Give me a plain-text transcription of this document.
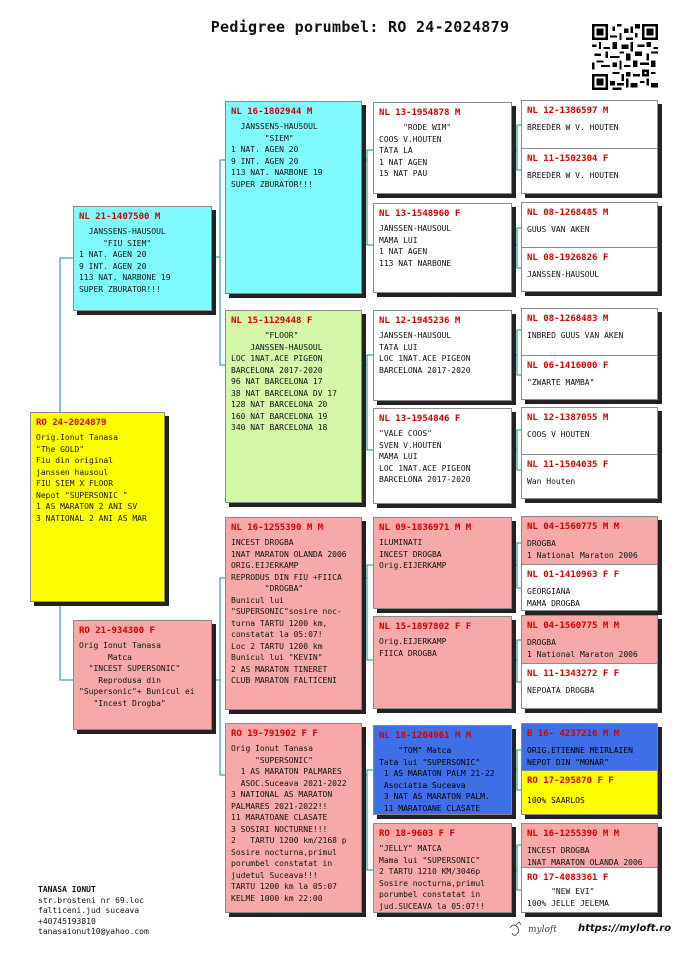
Pedigree porumbel: RO 24-2024879
RO 24-2024879
Orig.Ionut Tanasa
"The GOLD"
Fiu din original
janssen hausoul
FIU SIEM X FLOOR
Nepot "SUPERSONIC "
1 AS MARATON 2 ANI SV
3 NATIONAL 2 ANI AS MAR
NL 21-1407500 M
JANSSENS-HAUSOUL
"FIU SIEM"
1 NAT. AGEN 20
9 INT. AGEN 20
113 NAT. NARBONE 19
SUPER ZBURATOR!!!
RO 21-934300 F
Orig Ionut Tanasa
Matca
"INCEST SUPERSONIC"
Reprodusa din
"Supersonic"+ Bunicul ei
"Incest Drogba"
NL 16-1802944 M
JANSSENS-HAUSOUL
"SIEM"
1 NAT. AGEN 20
9 INT. AGEN 20
113 NAT. NARBONE 19
SUPER ZBURATOR!!!
NL 15-1129448 F
"FLOOR"
JANSSEN-HAUSOUL
LOC 1NAT.ACE PIGEON
BARCELONA 2017-2020
96 NAT BARCELONA 17
38 NAT BARCELONA DV 17
128 NAT BARCELONA 20
160 NAT BARCELONA 19
340 NAT BARCELONA 18
NL 16-1255390 M M
INCEST DROGBA
1NAT MARATON OLANDA 2006
ORIG.EIJERKAMP
REPRODUS DIN FIU +FIICA
"DROGBA"
Bunicul lui
"SUPERSONIC"sosire noc-
turna TARTU 1200 km,
constatat la 05:07!
Loc 2 TARTU 1200 km
Bunicul lui "KEVIN"
2 AS MARATON TINERET
CLUB MARATON FALTICENI
RO 19-791902 F F
Orig Ionut Tanasa
"SUPERSONIC"
1 AS MARATON PALMARES
ASOC.Suceava 2021-2022
3 NATIONAL AS MARATON
PALMARES 2021-2022!!
11 MARATOANE CLASATE
3 SOSIRI NOCTURNE!!!
2   TARTU 1200 km/2168 p
Sosire nocturna,primul
porumbel constatat in
judetul Suceava!!!
TARTU 1200 km la 05:07
KELME 1000 km 22:00
NL 13-1954878 M
"RODE WIM"
COOS V.HOUTEN
TATA LA
1 NAT AGEN
15 NAT PAU
NL 13-1548960 F
JANSSEN-HAUSOUL
MAMA LUI
1 NAT AGEN
113 NAT NARBONE
NL 12-1945236 M
JANSSEN-HAUSOUL
TATA LUI
LOC 1NAT.ACE PIGEON
BARCELONA 2017-2020
NL 13-1954846 F
"VALE COOS"
SVEN V.HOUTEN
MAMA LUI
LOC 1NAT.ACE PIGEON
BARCELONA 2017-2020
NL 09-1836971 M M
ILUMINATI
INCEST DROGBA
Orig.EIJERKAMP
NL 15-1897802 F F
Orig.EIJERKAMP
FIICA DROGBA
NL 18-1204961 M M
"TOM" Matca
Tata lui "SUPERSONIC"
1 AS MARATON PALM 21-22
Asociatia Suceava
3 NAT AS MARATON PALM.
11 MARATOANE CLASATE
RO 18-9603 F F
"JELLY" MATCA
Mama lui "SUPERSONIC"
2 TARTU 1210 KM/3046p
Sosire nocturna,primul
porumbel constatat in
jud.SUCEAVA la 05:07!!
NL 12-1386597 M
BREEDER W V. HOUTEN
NL 11-1502304 F
BREEDER W V. HOUTEN
NL 08-1268485 M
GUUS VAN AKEN
NL 08-1926826 F
JANSSEN-HAUSOUL
NL 08-1268483 M
INBRED GUUS VAN AKEN
NL 06-1416000 F
"ZWARTE MAMBA"
NL 12-1387055 M
COOS V HOUTEN
NL 11-1504035 F
Wan Houten
NL 04-1560775 M M
DROGBA
1 National Maraton 2006
NL 01-1410963 F F
GEORGIANA
MAMA DROGBA
NL 04-1560775 M M
DROGBA
1 National Maraton 2006
NL 11-1343272 F F
NEPOATA DROGBA
B 16- 4237216 M M
ORIG.ETIENNE MEIRLAIEN
NEPOT DIN "MONAR"
RO 17-295870 F F
100% SAARLOS
NL 16-1255390 M M
INCEST DROGBA
1NAT MARATON OLANDA 2006
RO 17-4083361 F
"NEW EVI"
100% JELLE JELEMA
TANASA IONUT
str.brosteni nr 69.loc
falticeni.jud suceava
+40745193810
tanasaionut10@yahoo.com	myloft https://myloft.ro
